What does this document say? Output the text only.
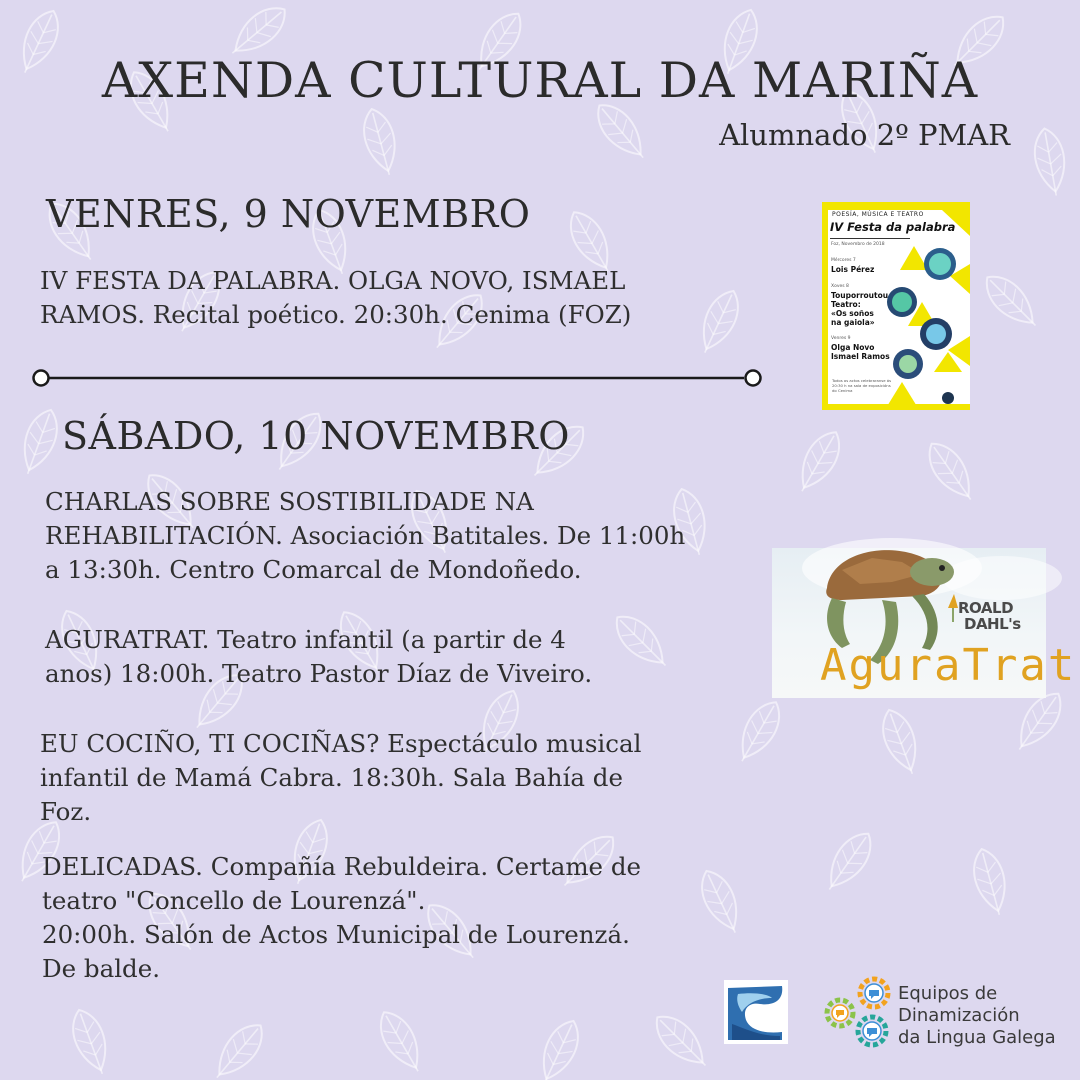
AXENDA CULTURAL DA MARIÑA
Alumnado 2º PMAR
VENRES, 9 NOVEMBRO
IV FESTA DA PALABRA. OLGA NOVO, ISMAEL
RAMOS. Recital poético. 20:30h. Cenima (FOZ)
SÁBADO, 10 NOVEMBRO
CHARLAS SOBRE SOSTIBILIDADE NA
REHABILITACIÓN. Asociación Batitales. De 11:00h
a 13:30h. Centro Comarcal de Mondoñedo.
AGURATRAT. Teatro infantil (a partir de 4
anos) 18:00h. Teatro Pastor Díaz de Viveiro.
EU COCIÑO, TI COCIÑAS? Espectáculo musical
infantil de Mamá Cabra. 18:30h. Sala Bahía de
Foz.
DELICADAS. Compañía Rebuldeira. Certame de
teatro "Concello de Lourenzá".
20:00h. Salón de Actos Municipal de Lourenzá.
De balde.
POESÍA, MÚSICA E TEATRO
IV Festa da palabra
Foz, Novembro de 2018
Mércores 7
Lois Pérez
Xoves 8
Touporroutou
Teatro:
«Os soños
na gaiola»
Venres 9
Olga Novo
Ismael Ramos
Todos os actos celebraranse ás 20:30 h na sala de exposicións do Cenima
ROALD
DAHL's
AguraTrat
Equipos de
Dinamización
da Lingua Galega
